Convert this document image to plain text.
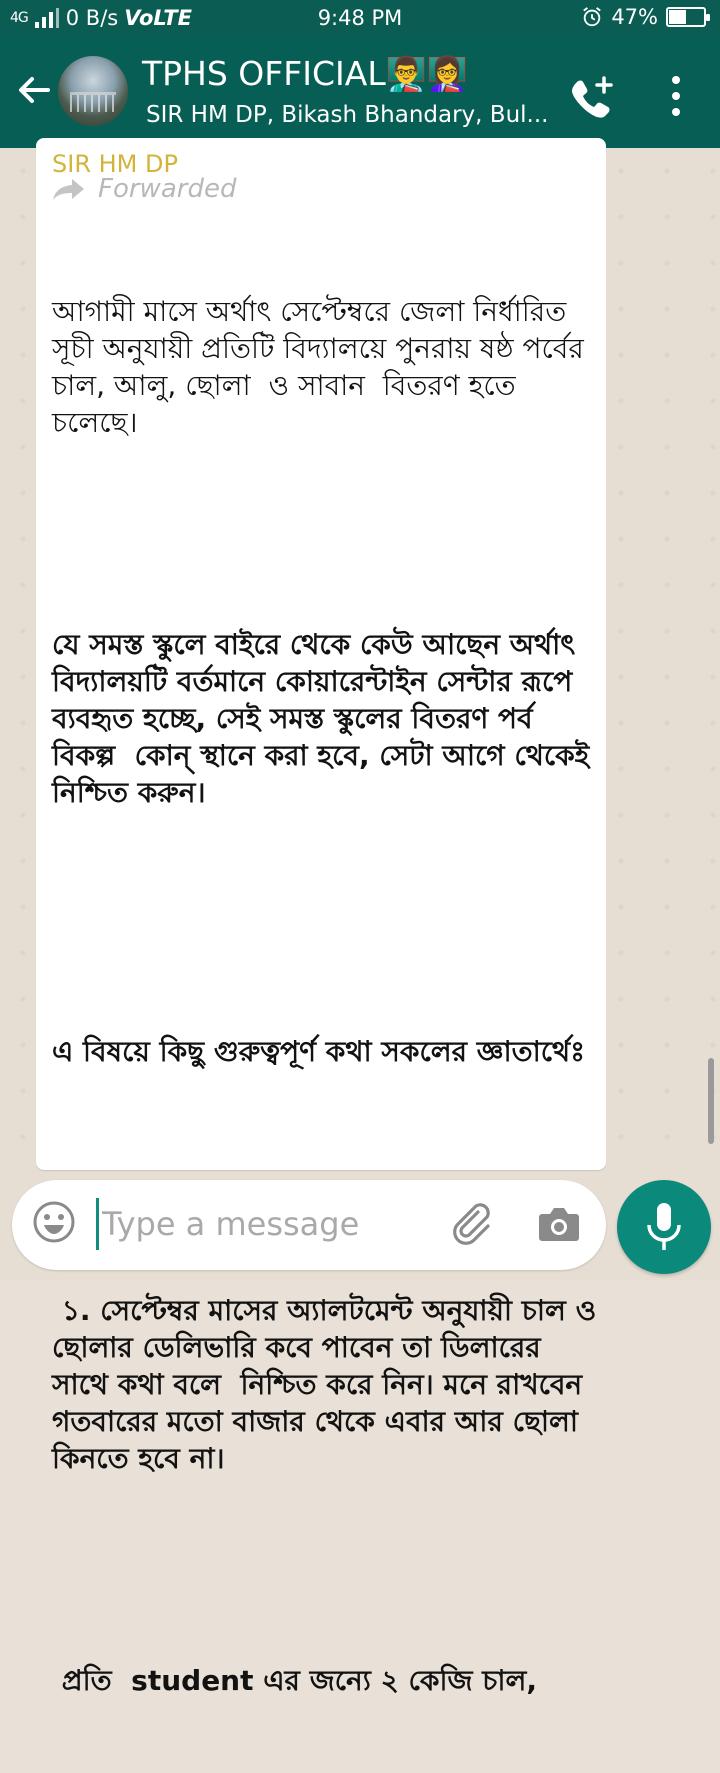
4G 0 B/s VoLTE	9:48 PM	47%
TPHS OFFICIAL👨‍🏫👩‍🏫
SIR HM DP, Bikash Bhandary, Bul...
SIR HM DP
Forwarded

আগামী মাসে অর্থাৎ সেপ্টেম্বরে জেলা নির্ধারিত সূচী অনুযায়ী প্রতিটি বিদ্যালয়ে পুনরায় ষষ্ঠ পর্বের চাল, আলু, ছোলা  ও সাবান  বিতরণ হতে চলেছে।

যে সমস্ত স্কুলে বাইরে থেকে কেউ আছেন অর্থাৎ বিদ্যালয়টি বর্তমানে কোয়ারেন্টাইন সেন্টার রূপে ব্যবহৃত হচ্ছে, সেই সমস্ত স্কুলের বিতরণ পর্ব বিকল্প  কোন্ স্থানে করা হবে, সেটা আগে থেকেই নিশ্চিত করুন।

এ বিষয়ে কিছু গুরুত্বপূর্ণ কথা সকলের জ্ঞাতার্থেঃ

১. সেপ্টেম্বর মাসের অ্যালটমেন্ট অনুযায়ী চাল ও ছোলার ডেলিভারি কবে পাবেন তা ডিলারের সাথে কথা বলে  নিশ্চিত করে নিন। মনে রাখবেন গতবারের মতো বাজার থেকে এবার আর ছোলা কিনতে হবে না।

প্রতি  student এর জন্যে ২ কেজি চাল,

Type a message
